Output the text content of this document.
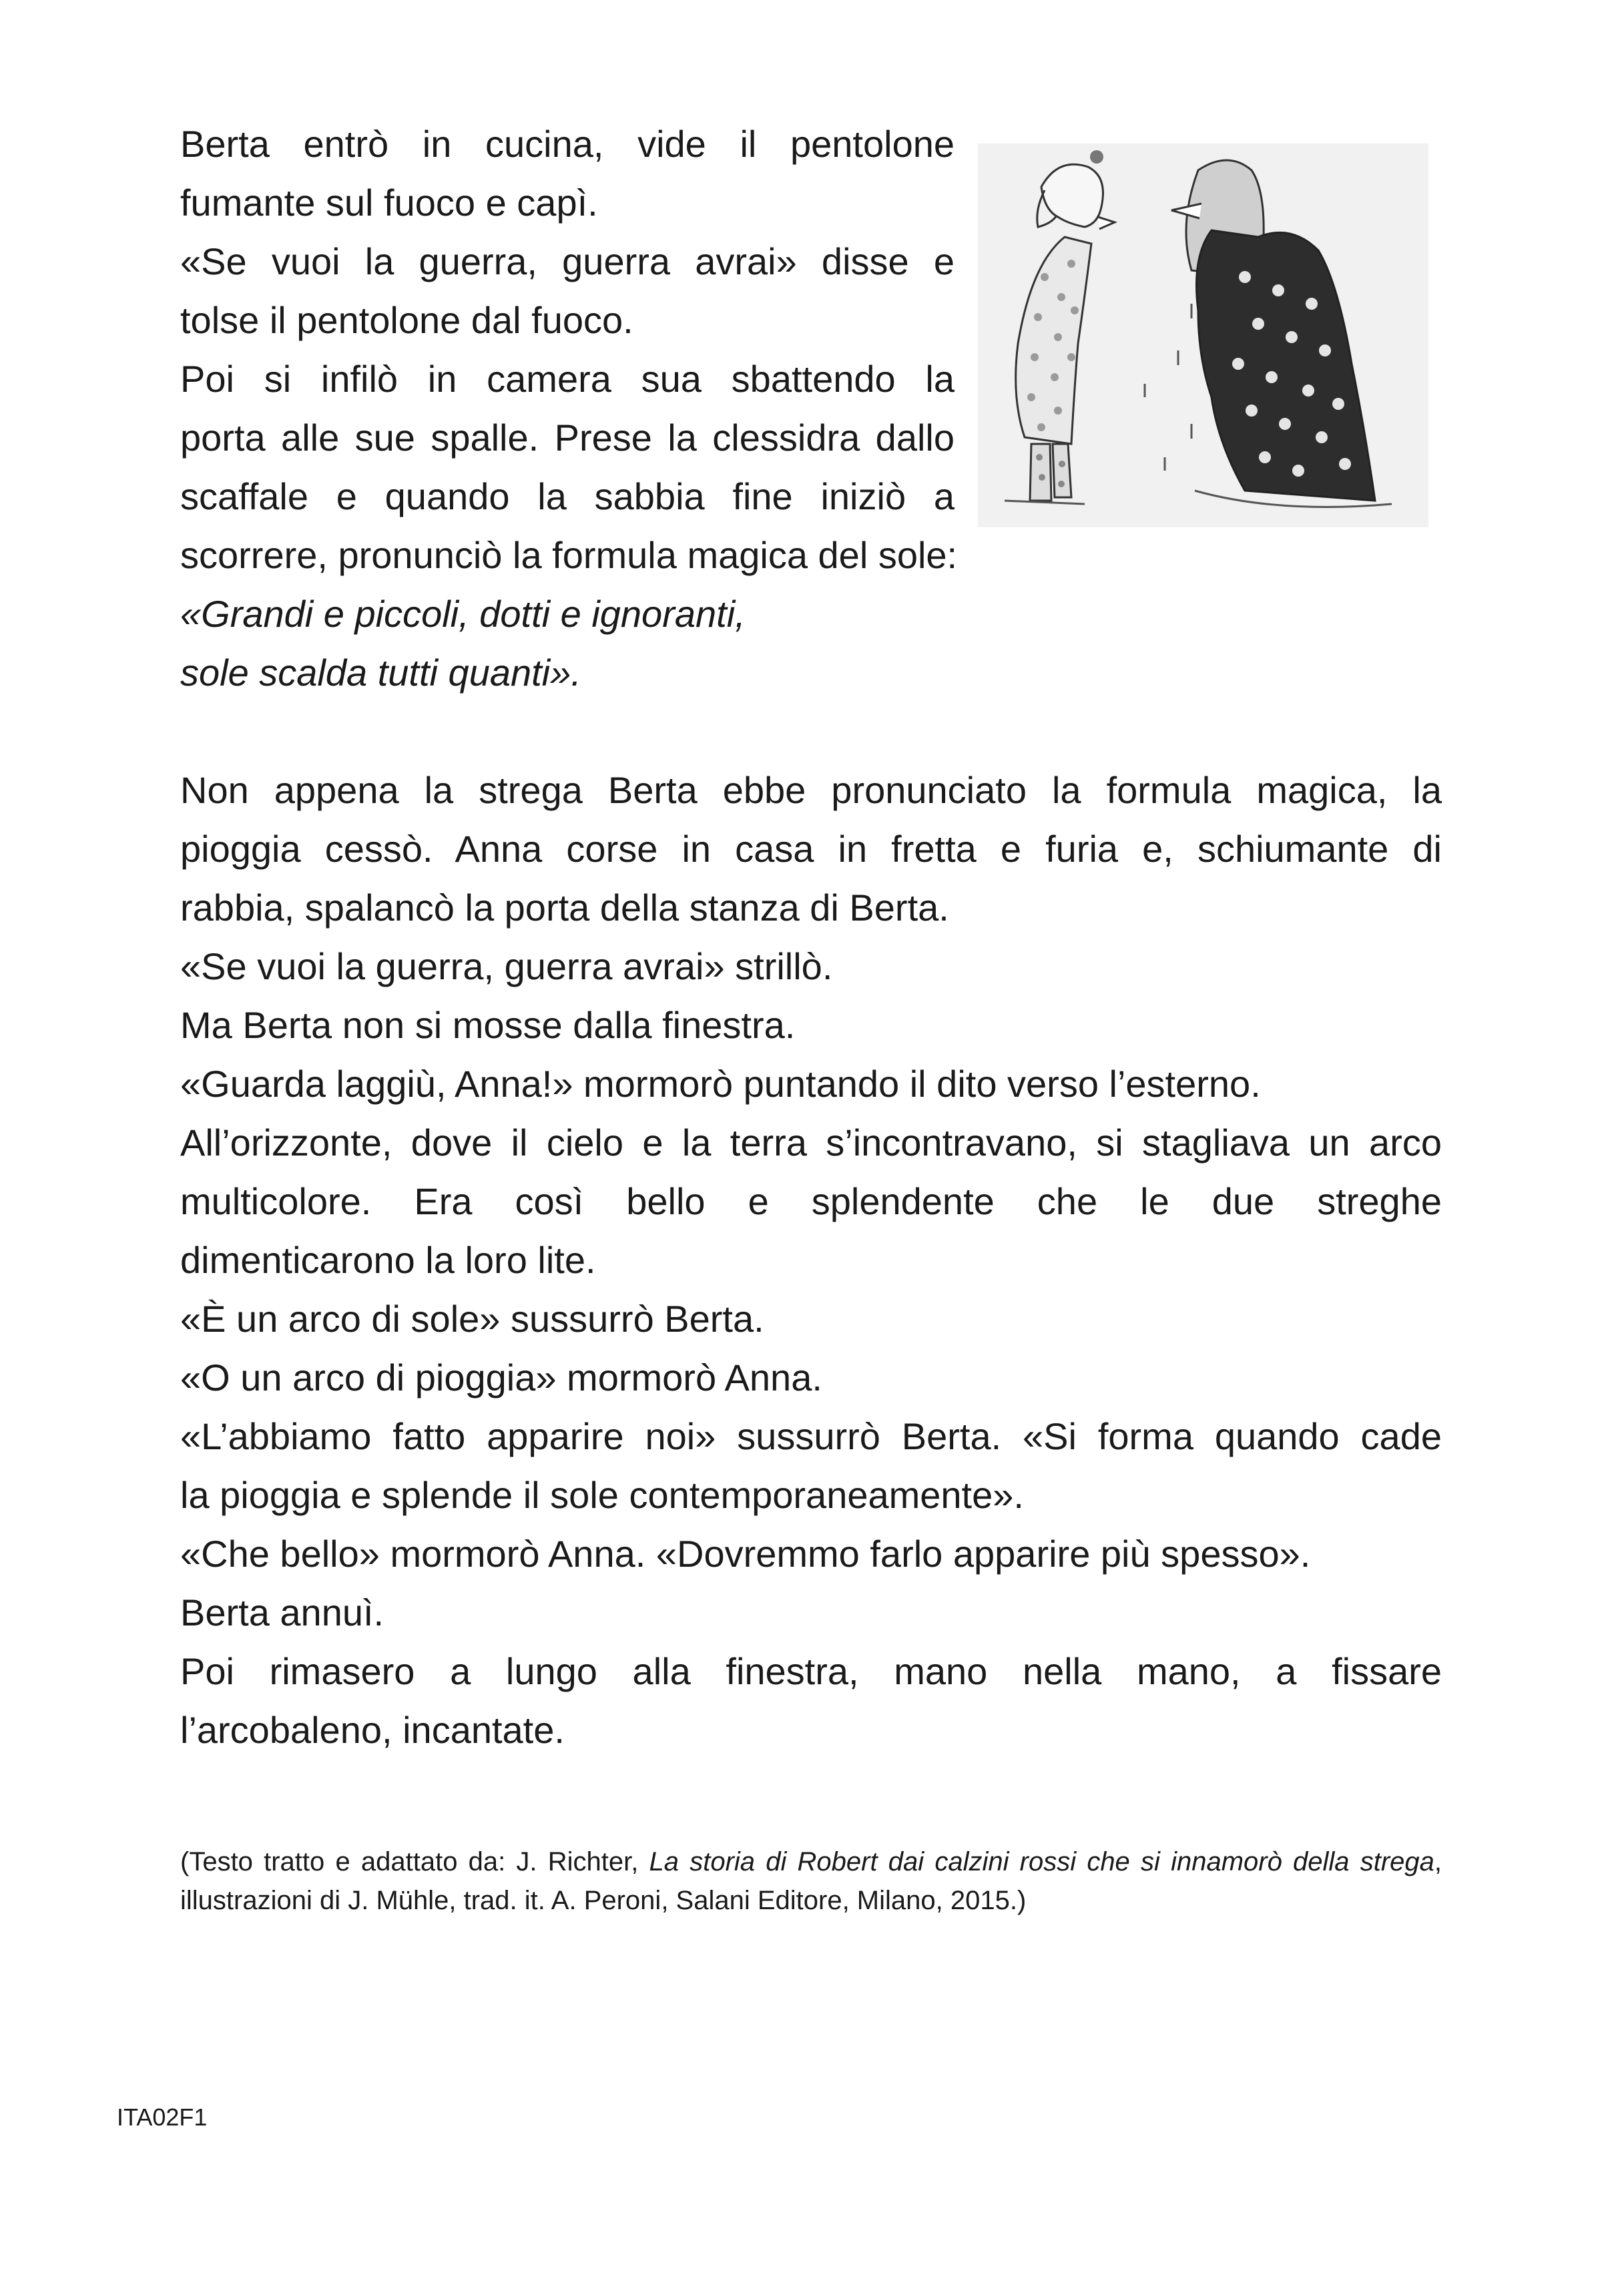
Berta entrò in cucina, vide il pentolone

fumante sul fuoco e capì.

«Se vuoi la guerra, guerra avrai» disse e

tolse il pentolone dal fuoco.

Poi si infilò in camera sua sbattendo la

porta alle sue spalle. Prese la clessidra dallo

scaffale e quando la sabbia fine iniziò a

scorrere, pronunciò la formula magica del sole:

«Grandi e piccoli, dotti e ignoranti,

sole scalda tutti quanti».

Non appena la strega Berta ebbe pronunciato la formula magica, la

pioggia cessò. Anna corse in casa in fretta e furia e, schiumante di

rabbia, spalancò la porta della stanza di Berta.

«Se vuoi la guerra, guerra avrai» strillò.

Ma Berta non si mosse dalla finestra.

«Guarda laggiù, Anna!» mormorò puntando il dito verso l’esterno.

All’orizzonte, dove il cielo e la terra s’incontravano, si stagliava un arco

multicolore. Era così bello e splendente che le due streghe

dimenticarono la loro lite.

«È un arco di sole» sussurrò Berta.

«O un arco di pioggia» mormorò Anna.

«L’abbiamo fatto apparire noi» sussurrò Berta. «Si forma quando cade

la pioggia e splende il sole contemporaneamente».

«Che bello» mormorò Anna. «Dovremmo farlo apparire più spesso».

Berta annuì.

Poi rimasero a lungo alla finestra, mano nella mano, a fissare

l’arcobaleno, incantate.

(Testo tratto e adattato da: J. Richter, La storia di Robert dai calzini rossi che si innamorò della strega,

illustrazioni di J. Mühle, trad. it. A. Peroni, Salani Editore, Milano, 2015.)

ITA02F1
